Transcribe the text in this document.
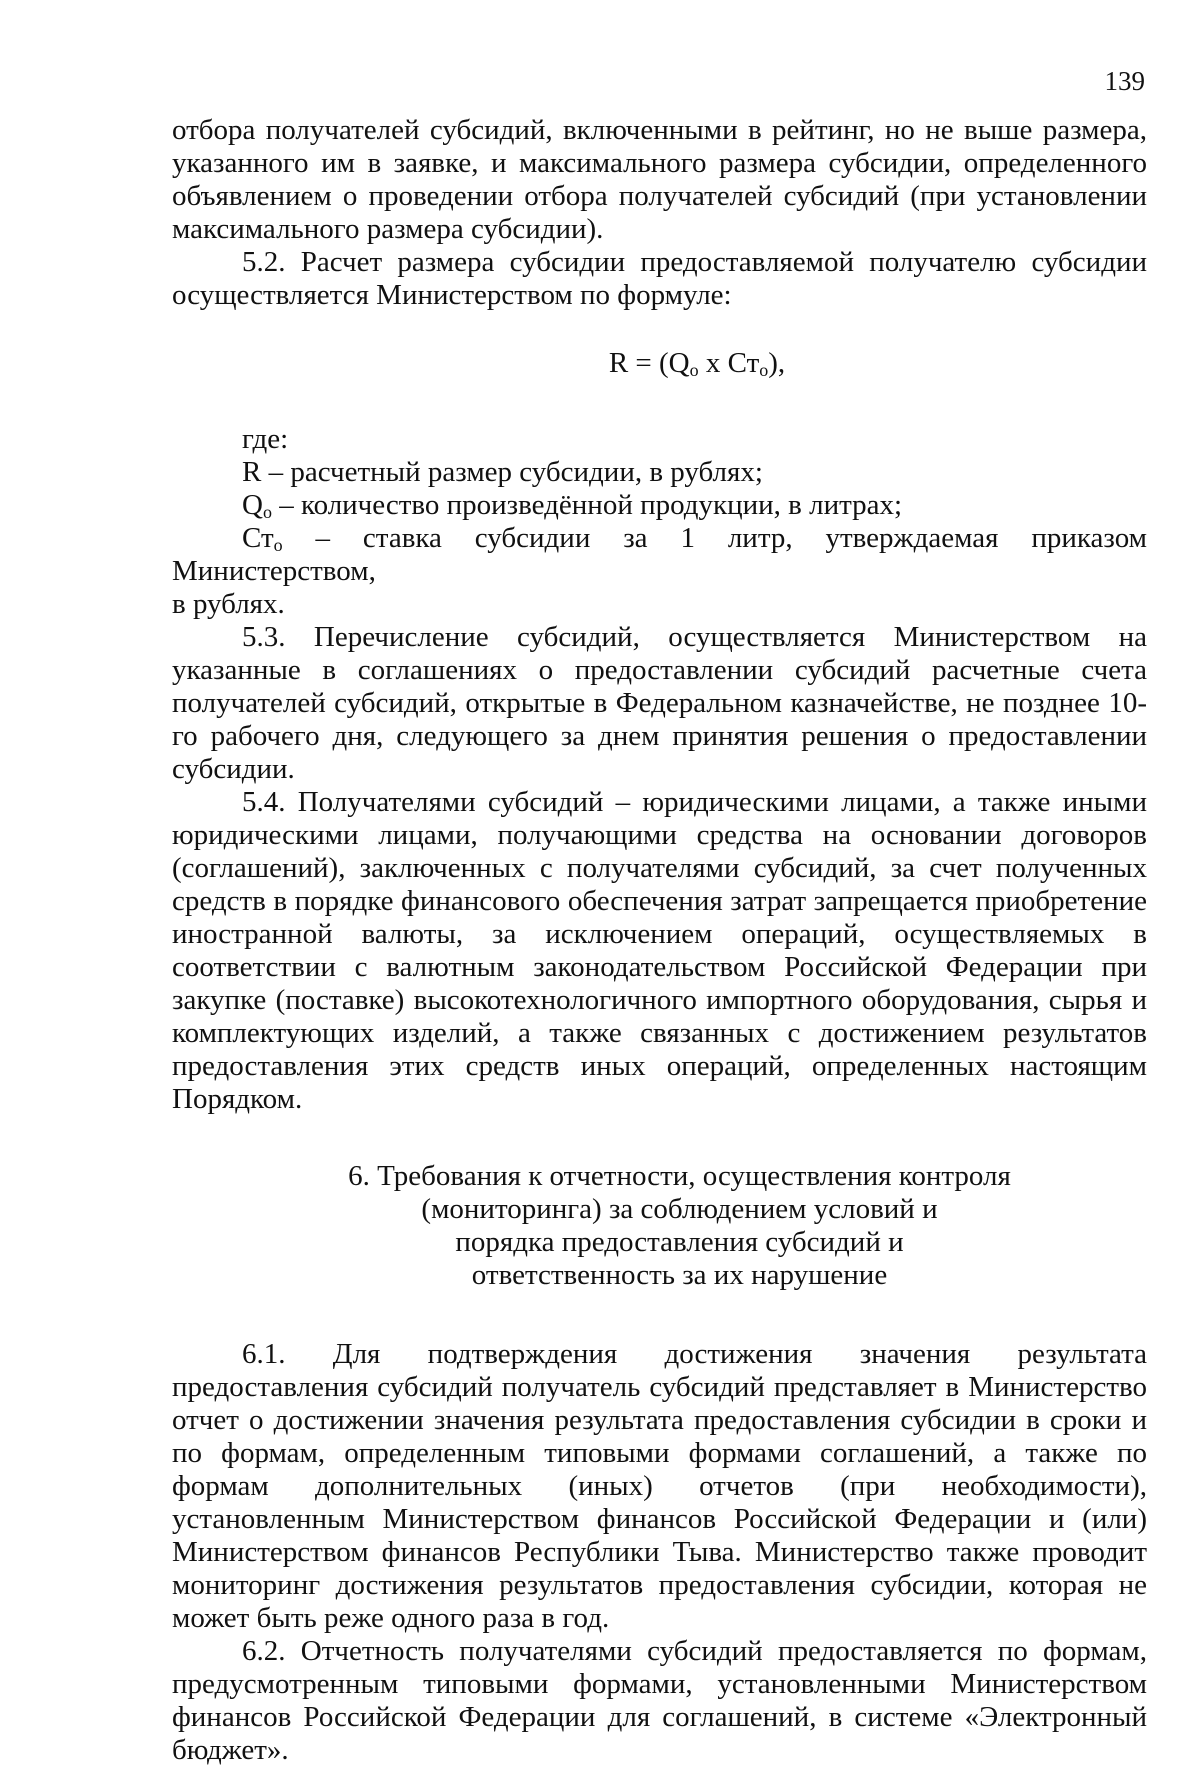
139

отбора получателей субсидий, включенными в рейтинг, но не выше размера, указанного им в заявке, и максимального размера субсидии, определенного объявлением о проведении отбора получателей субсидий (при установлении максимального размера субсидии).

5.2. Расчет размера субсидии предоставляемой получателю субсидии осуществляется Министерством по формуле:

$R = (Q_o$ x $Ст_o$),

где:

R – расчетный размер субсидии, в рублях;

$Q_o$ – количество произведённой продукции, в литрах;

$Ст_o$ – ставка субсидии за 1 литр, утверждаемая приказом Министерством,

в рублях.

5.3. Перечисление субсидий, осуществляется Министерством на указанные в соглашениях о предоставлении субсидий расчетные счета получателей субсидий, открытые в Федеральном казначействе, не позднее 10-го рабочего дня, следующего за днем принятия решения о предоставлении субсидии.

5.4. Получателями субсидий – юридическими лицами, а также иными юридическими лицами, получающими средства на основании договоров (соглашений), заключенных с получателями субсидий, за счет полученных средств в порядке финансового обеспечения затрат запрещается приобретение иностранной валюты, за исключением операций, осуществляемых в соответствии с валютным законодательством Российской Федерации при закупке (поставке) высокотехнологичного импортного оборудования, сырья и комплектующих изделий, а также связанных с достижением результатов предоставления этих средств иных операций, определенных настоящим Порядком.

6. Требования к отчетности, осуществления контроля
(мониторинга) за соблюдением условий и
порядка предоставления субсидий и
ответственность за их нарушение

6.1. Для подтверждения достижения значения результата предоставления субсидий получатель субсидий представляет в Министерство отчет о достижении значения результата предоставления субсидии в сроки и по формам, определенным типовыми формами соглашений, а также по формам дополнительных (иных) отчетов (при необходимости), установленным Министерством финансов Российской Федерации и (или) Министерством финансов Республики Тыва. Министерство также проводит мониторинг достижения результатов предоставления субсидии, которая не может быть реже одного раза в год.

6.2. Отчетность получателями субсидий предоставляется по формам, предусмотренным типовыми формами, установленными Министерством финансов Российской Федерации для соглашений, в системе «Электронный бюджет».
